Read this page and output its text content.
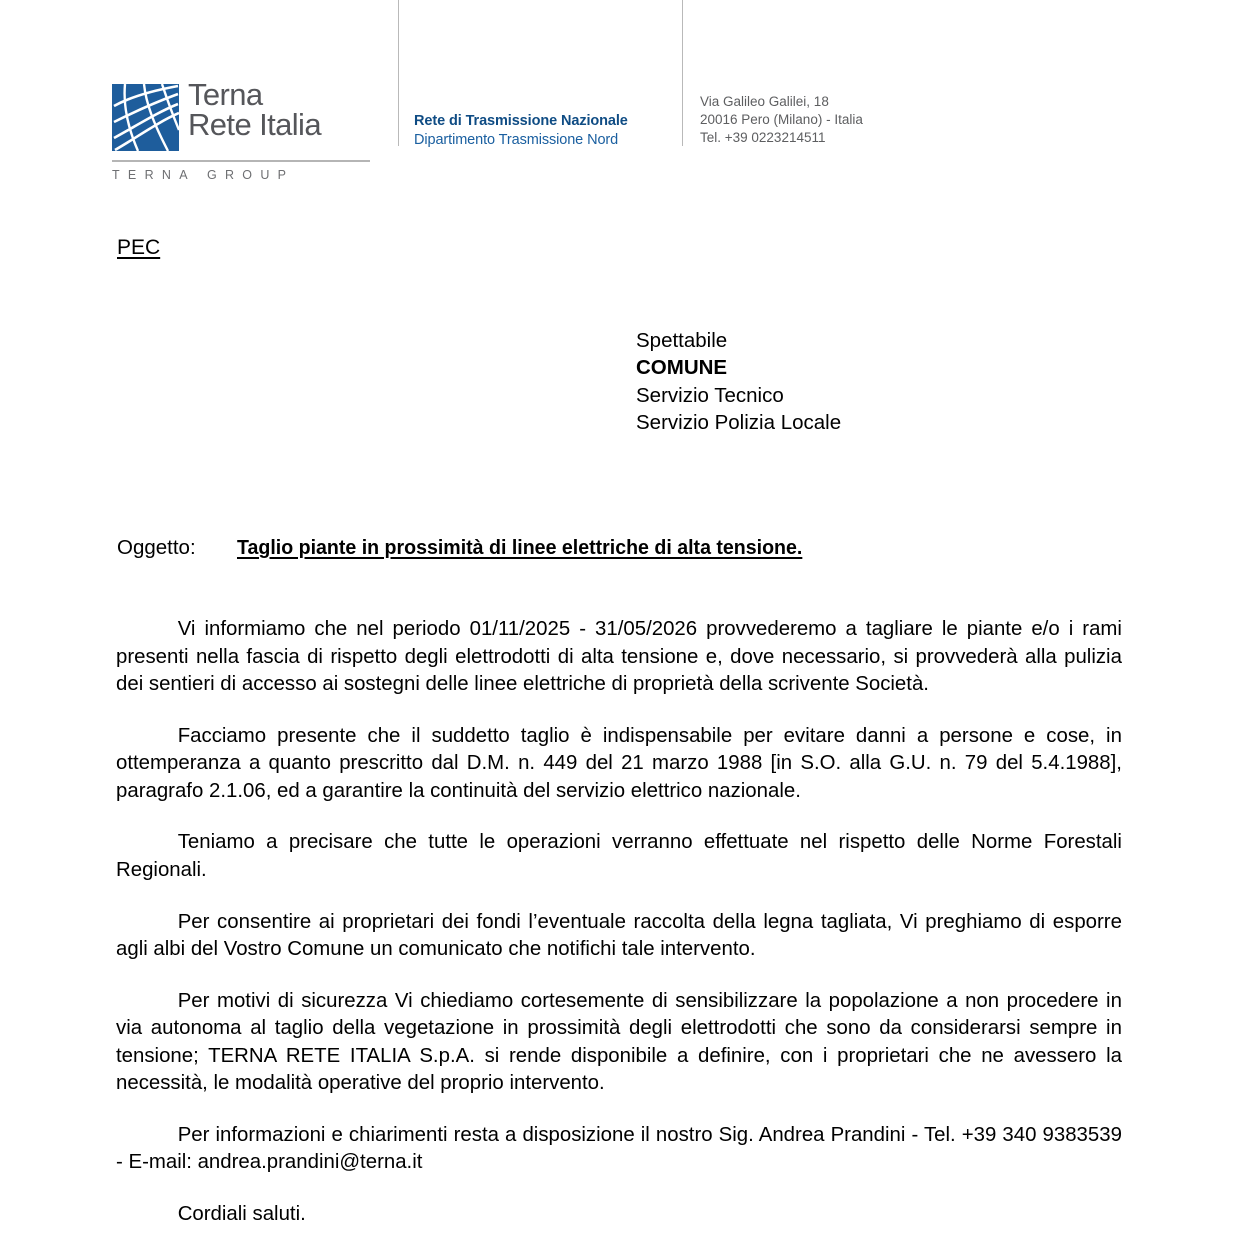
Terna
Rete Italia
TERNA GROUP
Rete di Trasmissione Nazionale
Dipartimento Trasmissione Nord
Via Galileo Galilei, 18
20016 Pero (Milano) - Italia
Tel. +39 0223214511
PEC
Spettabile
COMUNE
Servizio Tecnico
Servizio Polizia Locale
Oggetto:	Taglio piante in prossimità di linee elettriche di alta tensione.

Vi informiamo che nel periodo 01/11/2025 - 31/05/2026 provvederemo a tagliare le piante e/o i rami presenti nella fascia di rispetto degli elettrodotti di alta tensione e, dove necessario, si provvederà alla pulizia dei sentieri di accesso ai sostegni delle linee elettriche di proprietà della scrivente Società.

Facciamo presente che il suddetto taglio è indispensabile per evitare danni a persone e cose, in ottemperanza a quanto prescritto dal D.M. n. 449 del 21 marzo 1988 [in S.O. alla G.U. n. 79 del 5.4.1988], paragrafo 2.1.06, ed a garantire la continuità del servizio elettrico nazionale.

Teniamo a precisare che tutte le operazioni verranno effettuate nel rispetto delle Norme Forestali Regionali.

Per consentire ai proprietari dei fondi l’eventuale raccolta della legna tagliata, Vi preghiamo di esporre agli albi del Vostro Comune un comunicato che notifichi tale intervento.

Per motivi di sicurezza Vi chiediamo cortesemente di sensibilizzare la popolazione a non procedere in via autonoma al taglio della vegetazione in prossimità degli elettrodotti che sono da considerarsi sempre in tensione; TERNA RETE ITALIA S.p.A. si rende disponibile a definire, con i proprietari che ne avessero la necessità, le modalità operative del proprio intervento.

Per informazioni e chiarimenti resta a disposizione il nostro Sig. Andrea Prandini - Tel. +39 340 9383539 - E-mail: andrea.prandini@terna.it

Cordiali saluti.
